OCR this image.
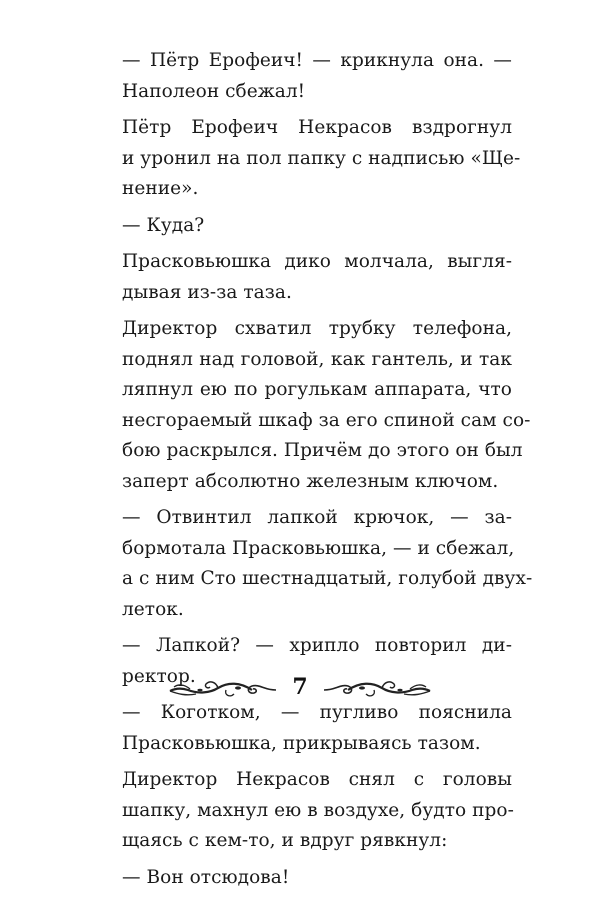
— Пётр Ерофеич! — крикнула она. —
Наполеон сбежал!

Пётр Ерофеич Некрасов вздрогнул
и уронил на пол папку с надписью «Ще-
нение».

— Куда?

Прасковьюшка дико молчала, выгля-
дывая из-за таза.

Директор схватил трубку телефона,
поднял над головой, как гантель, и так
ляпнул ею по рогулькам аппарата, что
несгораемый шкаф за его спиной сам со-
бою раскрылся. Причём до этого он был
заперт абсолютно железным ключом.

— Отвинтил лапкой крючок, — за-
бормотала Прасковьюшка, — и сбежал,
а с ним Сто шестнадцатый, голубой двух-
леток.

— Лапкой? — хрипло повторил ди-
ректор.

— Коготком, — пугливо пояснила
Прасковьюшка, прикрываясь тазом.

Директор Некрасов снял с головы
шапку, махнул ею в воздухе, будто про-
щаясь с кем-то, и вдруг рявкнул:

— Вон отсюдова!

7
